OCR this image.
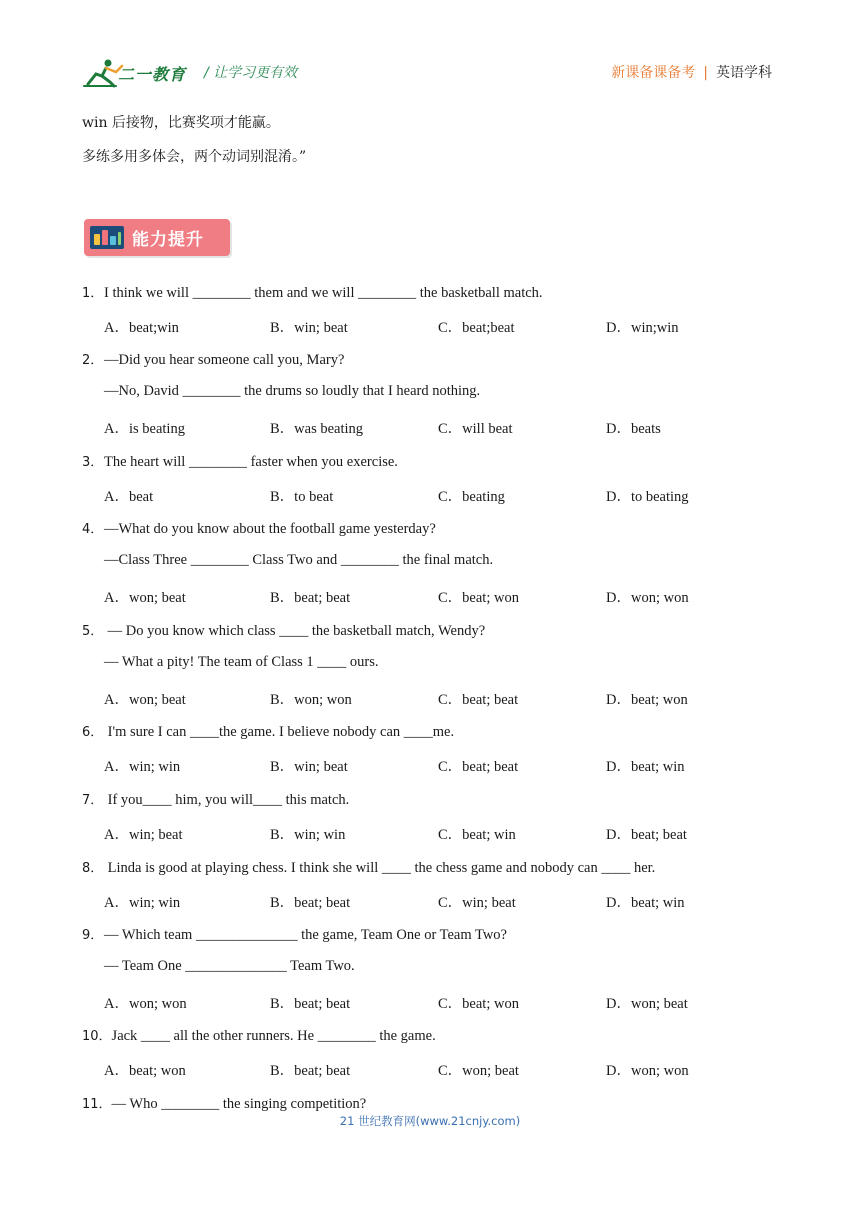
二一教育 / 让学习更有效	新课备课备考 | 英语学科
win 后接物，比赛奖项才能赢。
多练多用多体会，两个动词别混淆。”
能力提升
1．I think we will ________ them and we will ________ the basketball match.
A．beat;win	B．win; beat	C．beat;beat	D．win;win
2．—Did you hear someone call you, Mary?
—No, David ________ the drums so loudly that I heard nothing.
A．is beating	B．was beating	C．will beat	D．beats
3．The heart will ________ faster when you exercise.
A．beat	B．to beat	C．beating	D．to beating
4．—What do you know about the football game yesterday?
—Class Three ________ Class Two and ________ the final match.
A．won; beat	B．beat; beat	C．beat; won	D．won; won
5． — Do you know which class ____ the basketball match, Wendy?
— What a pity! The team of Class 1 ____ ours.
A．won; beat	B．won; won	C．beat; beat	D．beat; won
6． I'm sure I can ____the game. I believe nobody can ____me.
A．win; win	B．win; beat	C．beat; beat	D．beat; win
7． If you____ him, you will____ this match.
A．win; beat	B．win; win	C．beat; win	D．beat; beat
8． Linda is good at playing chess. I think she will ____ the chess game and nobody can ____ her.
A．win; win	B．beat; beat	C．win; beat	D．beat; win
9．— Which team ______________ the game, Team One or Team Two?
— Team One ______________ Team Two.
A．won; won	B．beat; beat	C．beat; won	D．won; beat
10．Jack ____ all the other runners. He ________ the game.
A．beat; won	B．beat; beat	C．won; beat	D．won; won
11．— Who ________ the singing competition?
21 世纪教育网(www.21cnjy.com)
